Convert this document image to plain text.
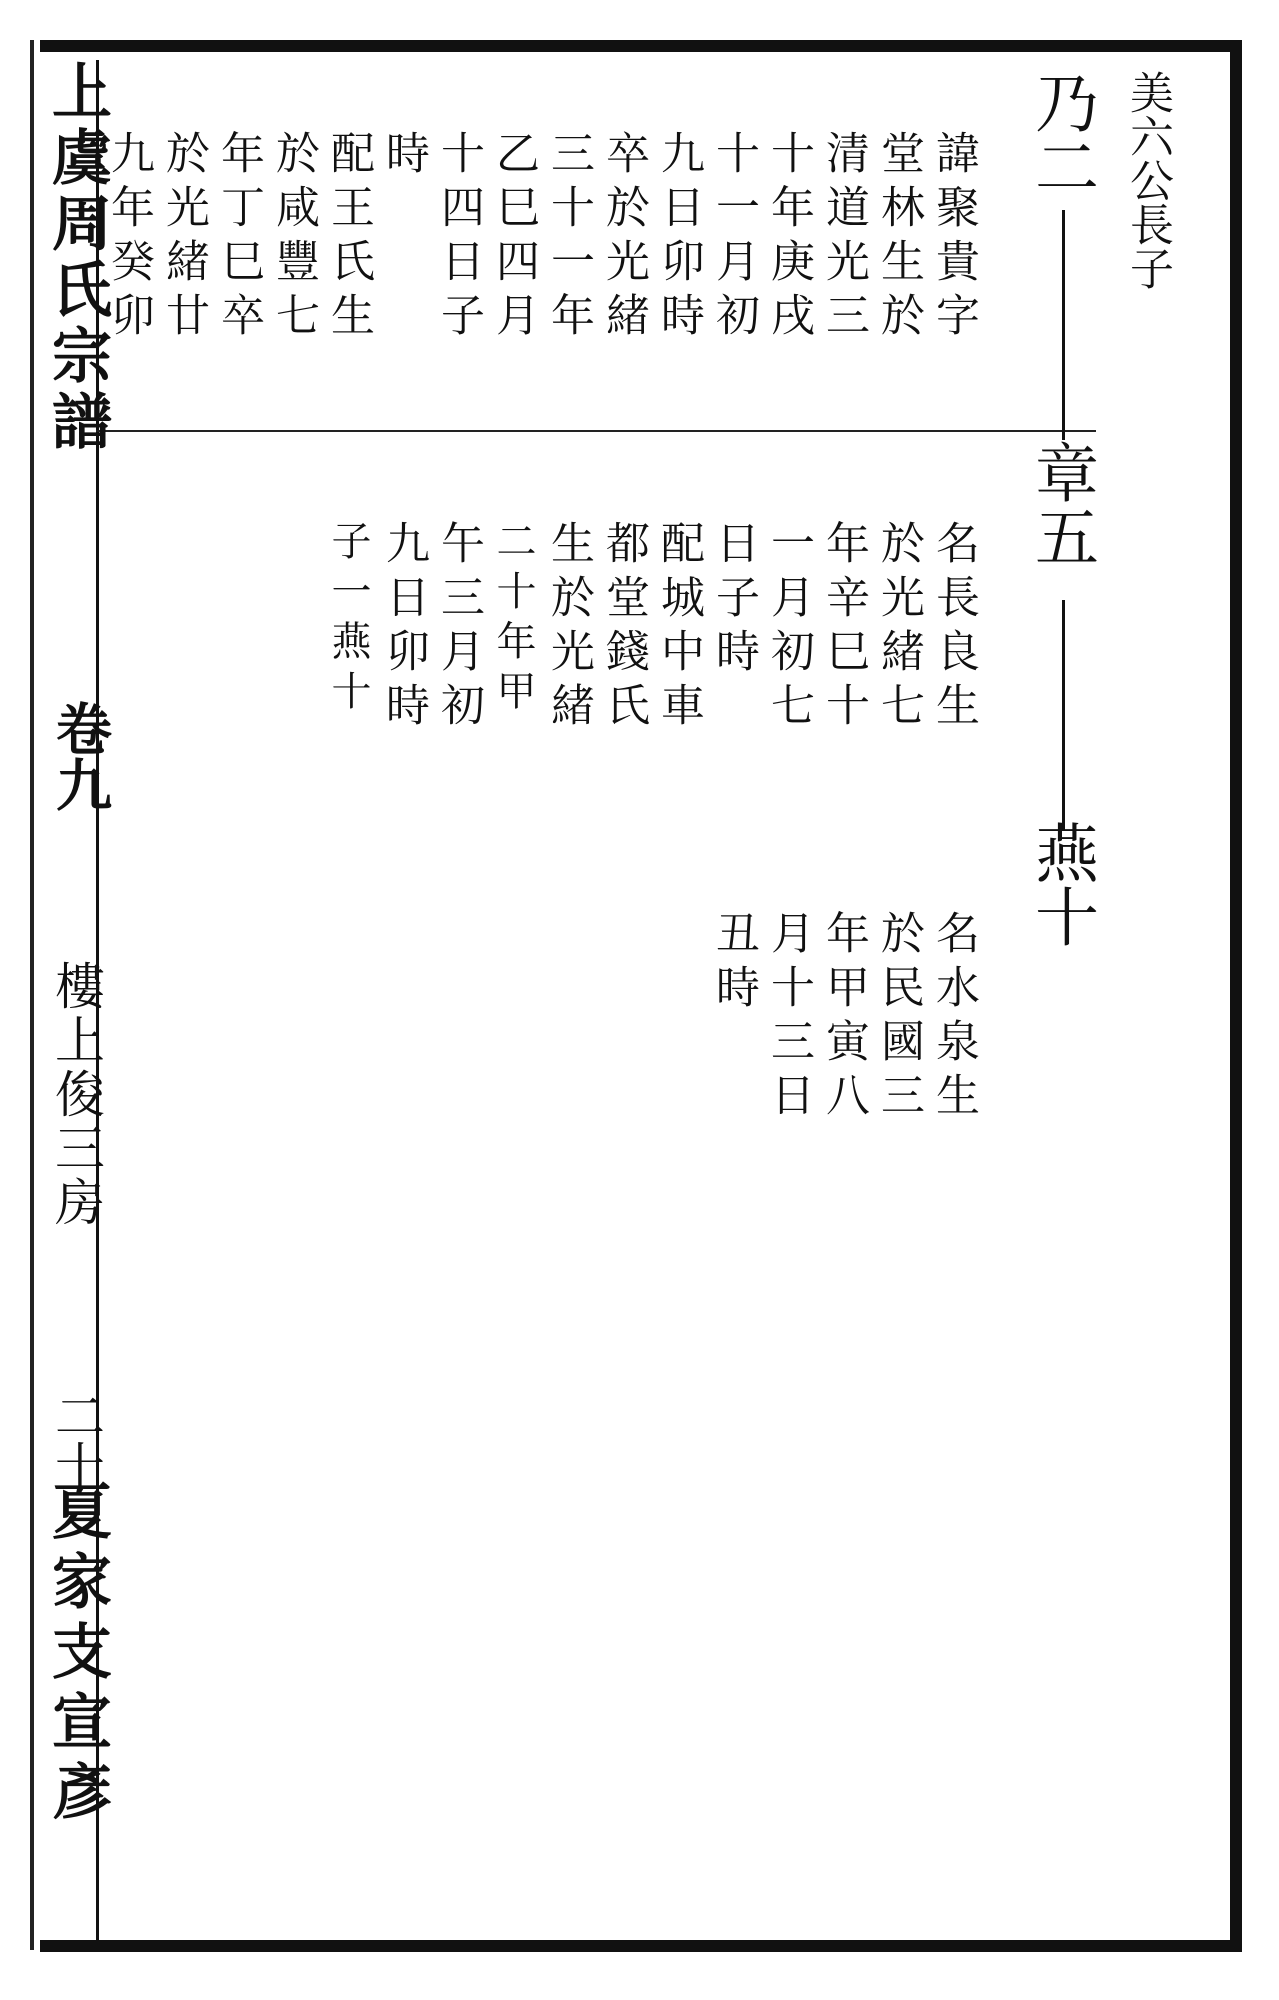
上虞周氏宗譜
卷九
樓上俊三房
二十
夏家支宣彥
美六公長子
乃二
諱聚貴字
堂林生於
清道光三
十年庚戌
十一月初
九日卯時
卒於光緒
三十一年
乙巳四月
十四日子
時
配王氏生
於咸豐七
年丁巳卒
於光緒廿
九年癸卯
章五
名長良生
於光緒七
年辛巳十
一月初七
日子時
配城中車
都堂錢氏
生於光緒
二十年甲
午三月初
九日卯時
子一燕十
燕十
名水泉生
於民國三
年甲寅八
月十三日
丑時
